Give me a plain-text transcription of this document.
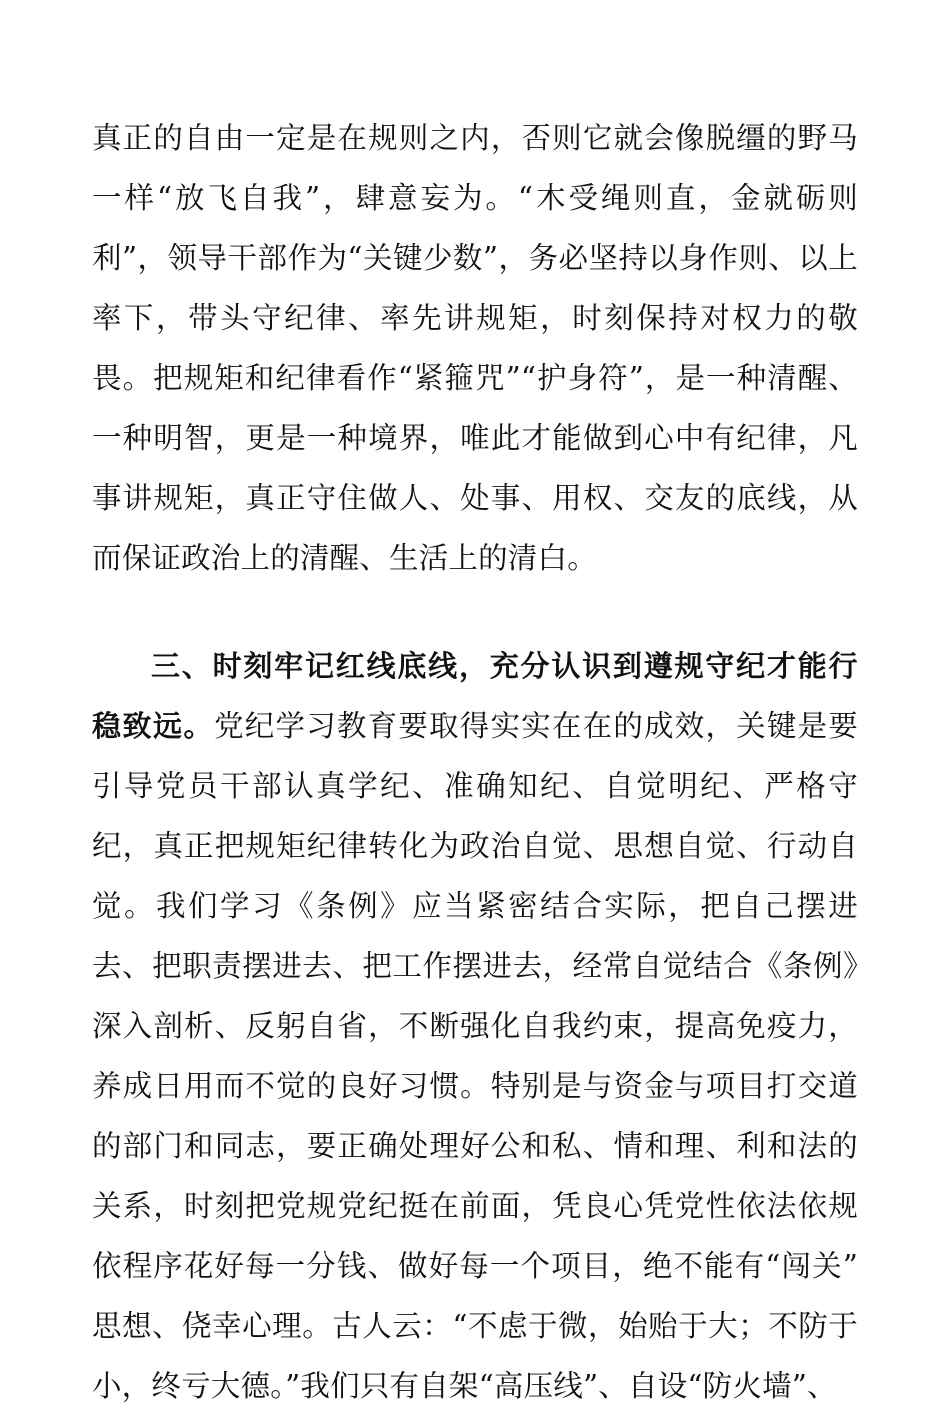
真正的自由一定是在规则之内，否则它就会像脱缰的野马一样“放飞自我”，肆意妄为。“木受绳则直，金就砺则利”，领导干部作为“关键少数”，务必坚持以身作则、以上率下，带头守纪律、率先讲规矩，时刻保持对权力的敬畏。把规矩和纪律看作“紧箍咒”“护身符”，是一种清醒、一种明智，更是一种境界，唯此才能做到心中有纪律，凡事讲规矩，真正守住做人、处事、用权、交友的底线，从而保证政治上的清醒、生活上的清白。

三、时刻牢记红线底线，充分认识到遵规守纪才能行稳致远。党纪学习教育要取得实实在在的成效，关键是要引导党员干部认真学纪、准确知纪、自觉明纪、严格守纪，真正把规矩纪律转化为政治自觉、思想自觉、行动自觉。我们学习《条例》应当紧密结合实际，把自己摆进去、把职责摆进去、把工作摆进去，经常自觉结合《条例》深入剖析、反躬自省，不断强化自我约束，提高免疫力，养成日用而不觉的良好习惯。特别是与资金与项目打交道的部门和同志，要正确处理好公和私、情和理、利和法的关系，时刻把党规党纪挺在前面，凭良心凭党性依法依规依程序花好每一分钱、做好每一个项目，绝不能有“闯关”思想、侥幸心理。古人云：“不虑于微，始贻于大；不防于小，终亏大德。”我们只有自架“高压线”、自设“防火墙”、
